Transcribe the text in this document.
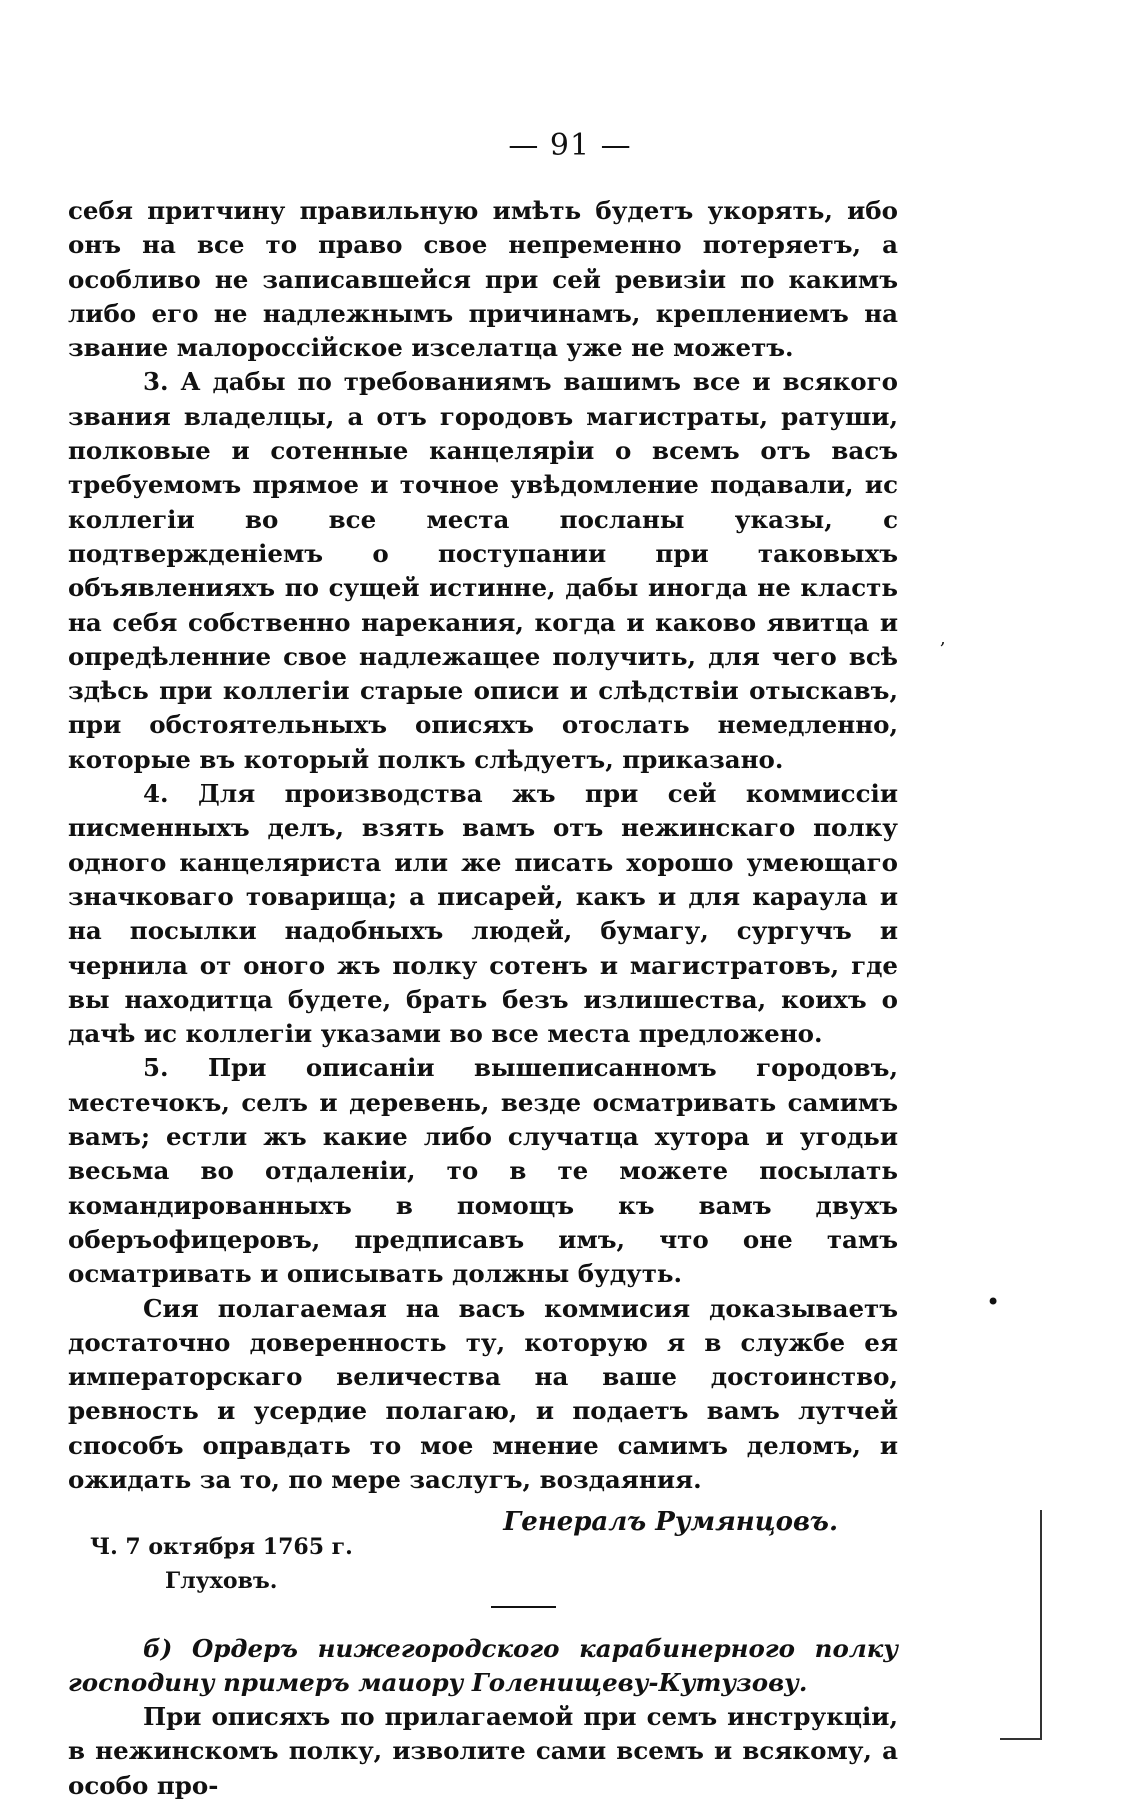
— 91 —

себя притчину правильную имѣть будетъ укорять, ибо онъ на все то право свое непременно потеряетъ, а особливо не записавшейся при сей ревизіи по какимъ либо его не надлежнымъ причинамъ, креплениемъ на звание малороссійское изселатца уже не можетъ.

3. А дабы по требованиямъ вашимъ все и всякого звания владелцы, а отъ городовъ магистраты, ратуши, полковые и сотенные канцеляріи о всемъ отъ васъ требуемомъ прямое и точное увѣдомление подавали, ис коллегіи во все места посланы указы, с подтвержденіемъ о поступании при таковыхъ объявленияхъ по сущей истинне, дабы иногда не класть на себя собственно нарекания, когда и каково явитца и опредѣленние свое надлежащее получить, для чего всѣ здѣсь при коллегіи старые описи и слѣдствіи отыскавъ, при обстоятельныхъ описяхъ отослать немедленно, которые въ который полкъ слѣдуетъ, приказано.

4. Для производства жъ при сей коммиссіи писменныхъ делъ, взять вамъ отъ нежинскаго полку одного канцеляриста или же писать хорошо умеющаго значковаго товарища; а писарей, какъ и для караула и на посылки надобныхъ людей, бумагу, сургучъ и чернила от оного жъ полку сотенъ и магистратовъ, где вы находитца будете, брать безъ излишества, коихъ о дачѣ ис коллегіи указами во все места предложено.

5. При описаніи вышеписанномъ городовъ, местечокъ, селъ и деревень, везде осматривать самимъ вамъ; естли жъ какие либо случатца хутора и угодьи весьма во отдаленіи, то в те можете посылать командированныхъ в помощъ къ вамъ двухъ оберъофицеровъ, предписавъ имъ, что оне тамъ осматривать и описывать должны будуть.

Сия полагаемая на васъ коммисия доказываетъ достаточно доверенность ту, которую я в службе ея императорскаго величества на ваше достоинство, ревность и усердие полагаю, и подаетъ вамъ лутчей способъ оправдать то мое мнение самимъ деломъ, и ожидать за то, по мере заслугъ, воздаяния.

Генералъ Румянцовъ.
Ч. 7 октября 1765 г.
Глуховъ.

б) Ордеръ нижегородского карабинерного полку господину примеръ маиору Голенищеву-Кутузову.

При описяхъ по прилагаемой при семъ инструкціи, в нежинскомъ полку, изволите сами всемъ и всякому, а особо про-

•
,
